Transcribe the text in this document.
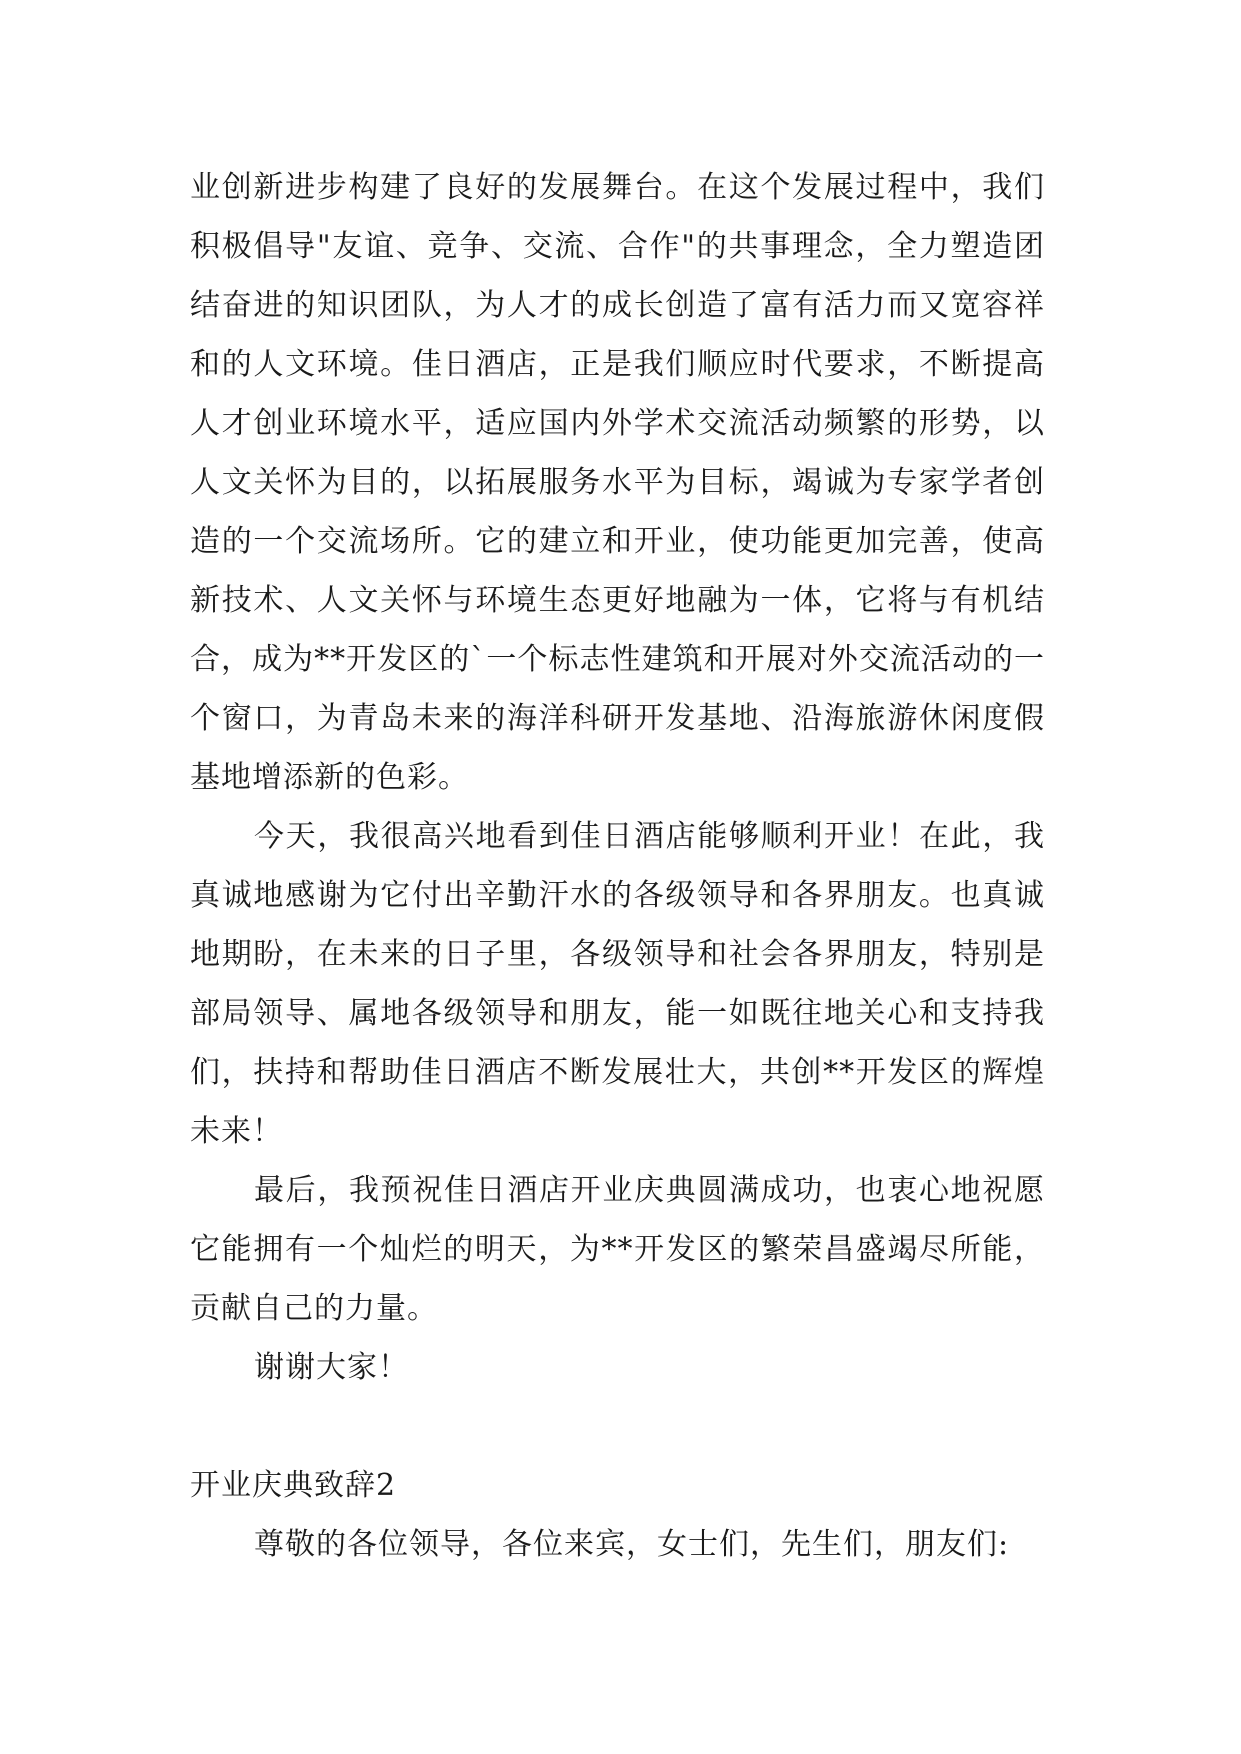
业创新进步构建了良好的发展舞台。在这个发展过程中，我们积极倡导"友谊、竞争、交流、合作"的共事理念，全力塑造团结奋进的知识团队，为人才的成长创造了富有活力而又宽容祥和的人文环境。佳日酒店，正是我们顺应时代要求，不断提高人才创业环境水平，适应国内外学术交流活动频繁的形势，以人文关怀为目的，以拓展服务水平为目标，竭诚为专家学者创造的一个交流场所。它的建立和开业，使功能更加完善，使高新技术、人文关怀与环境生态更好地融为一体，它将与有机结合，成为**开发区的`一个标志性建筑和开展对外交流活动的一个窗口，为青岛未来的海洋科研开发基地、沿海旅游休闲度假基地增添新的色彩。

今天，我很高兴地看到佳日酒店能够顺利开业！在此，我真诚地感谢为它付出辛勤汗水的各级领导和各界朋友。也真诚地期盼，在未来的日子里，各级领导和社会各界朋友，特别是部局领导、属地各级领导和朋友，能一如既往地关心和支持我们，扶持和帮助佳日酒店不断发展壮大，共创**开发区的辉煌未来！

最后，我预祝佳日酒店开业庆典圆满成功，也衷心地祝愿它能拥有一个灿烂的明天，为**开发区的繁荣昌盛竭尽所能，贡献自己的力量。

谢谢大家！

开业庆典致辞2

尊敬的各位领导，各位来宾，女士们，先生们，朋友们:
